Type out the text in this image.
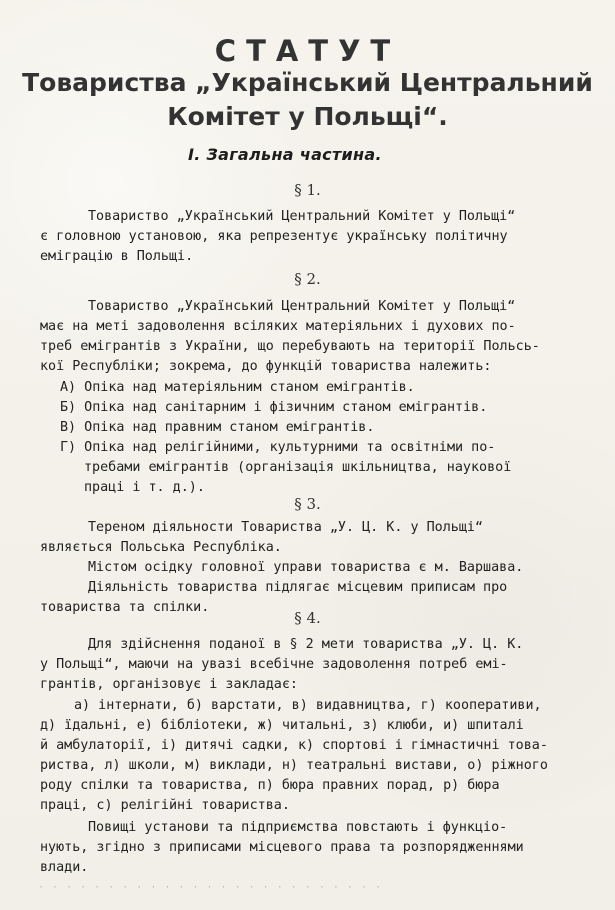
СТАТУТ
Товариства „Український Центральний
Комітет у Польщі“.
І. Загальна частина.
§ 1.
Товариство „Український Центральний Комітет у Польщі“
є головною установою, яка репрезентує українську політичну
еміграцію в Польщі.
§ 2.
Товариство „Український Центральний Комітет у Польщі“
має на меті задоволення всіляких матеріяльних і духових по-
треб емігрантів з України, що перебувають на території Польсь-
кої Республіки; зокрема, до функцій товариства належить:
А) Опіка над матеріяльним станом емігрантів.
Б) Опіка над санітарним і фізичним станом емігрантів.
В) Опіка над правним станом емігрантів.
Г) Опіка над релігійними, культурними та освітніми по-
требами емігрантів (організація шкільництва, наукової
праці і т. д.).
§ 3.
Тереном діяльности Товариства „У. Ц. К. у Польщі“
являється Польська Республіка.
Містом осідку головної управи товариства є м. Варшава.
Діяльність товариства підлягає місцевим приписам про
товариства та спілки.
§ 4.
Для здійснення поданої в § 2 мети товариства „У. Ц. К.
у Польщі“, маючи на увазі всебічне задоволення потреб емі-
грантів, організовує і закладає:
а) інтернати, б) варстати, в) видавництва, г) кооперативи,
д) їдальні, е) бібліотеки, ж) читальні, з) клюби, и) шпиталі
й амбулаторії, і) дитячі садки, к) спортові і гімнастичні това-
риства, л) школи, м) виклади, н) театральні вистави, о) ріжного
роду спілки та товариства, п) бюра правних порад, р) бюра
праці, с) релігійні товариства.
Повищі установи та підприємства повстають і функціо-
нують, згідно з приписами місцевого права та розпорядженнями
влади.
· · · · · · · · · · · · · · · · · · · · · · · · ·
